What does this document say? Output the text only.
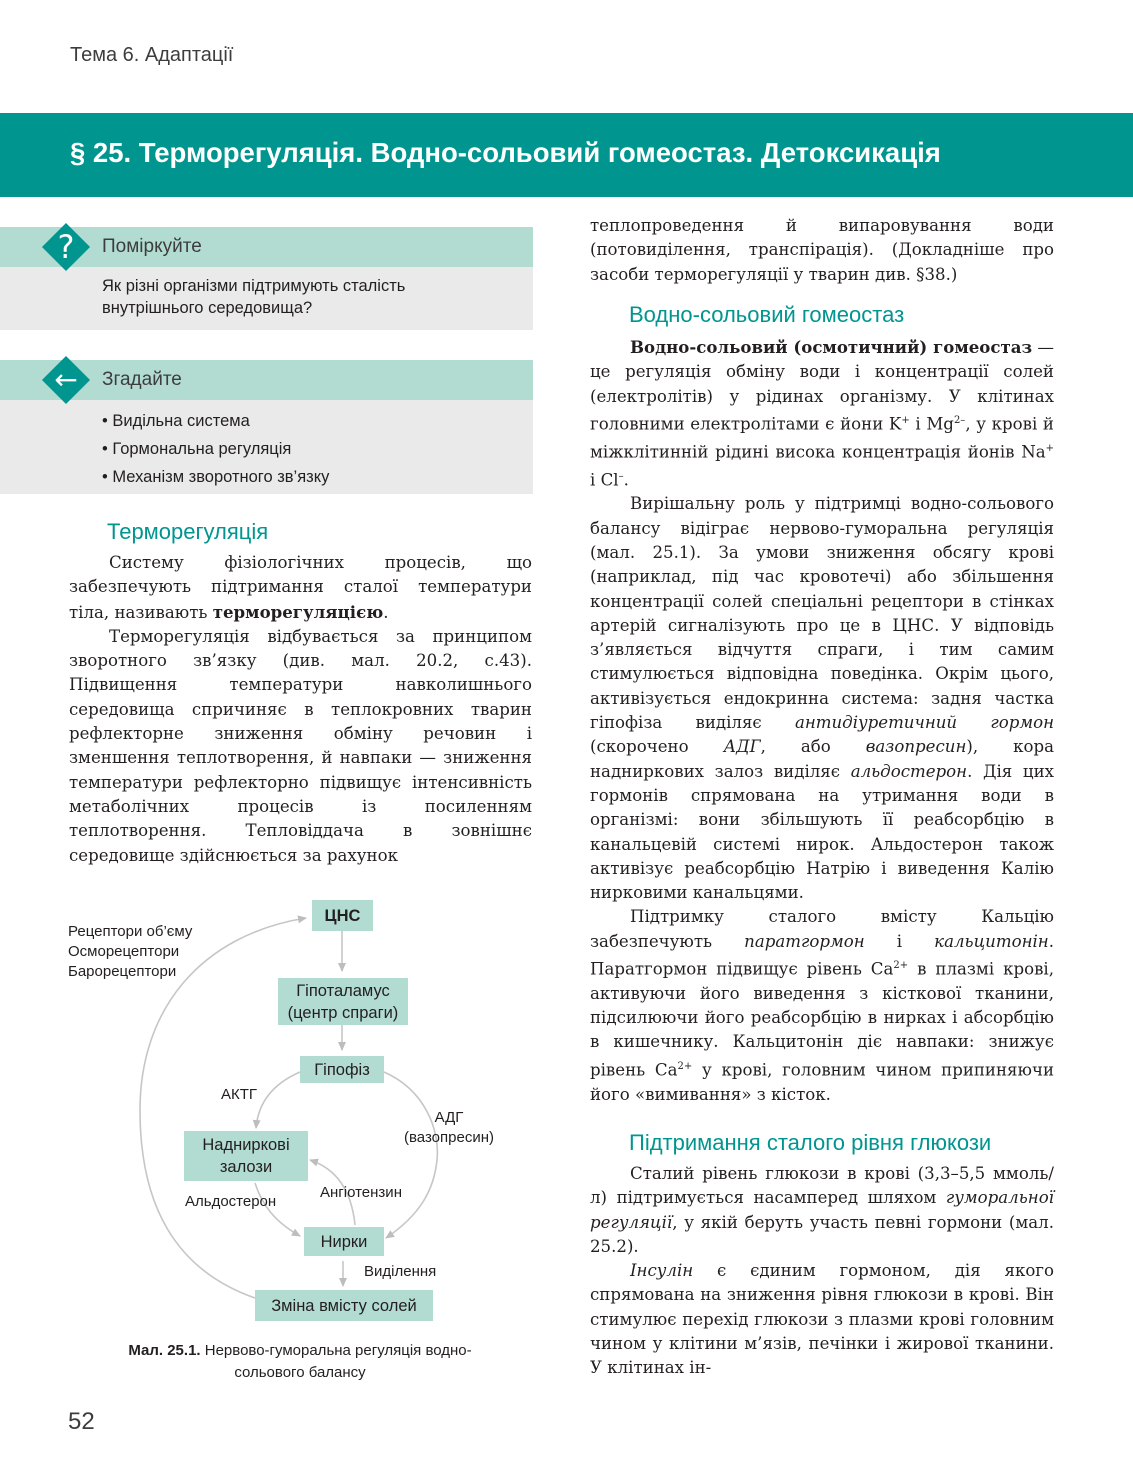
Тема 6. Адаптації
§ 25. Терморегуляція. Водно-сольовий гомеостаз. Детоксикація
?	Поміркуйте
Як різні організми підтримують сталість внутрішнього середовища?
←	Згадайте
• Видільна система
• Гормональна регуляція
• Механізм зворотного зв’язку
Терморегуляція

Систему фізіологічних процесів, що забезпечують підтримання сталої температури тіла, називають терморегуляцією.

Терморегуляція відбувається за принципом зворотного зв’язку (див. мал. 20.2, с.43). Підвищення температури навколишнього середовища спричиняє в теплокровних тварин рефлекторне зниження обміну речовин і зменшення теплотворення, й навпаки — зниження температури рефлекторно підвищує інтенсивність метаболічних процесів із посиленням теплотворення. Тепловіддача в зовнішнє середовище здійснюється за рахунок

Рецептори об’єму
Осморецептори
Барорецептори
ЦНС
Гіпоталамус
(центр спраги)
Гіпофіз
АКТГ
АДГ
(вазопресин)
Надниркові
залози
Ангіотензин
Альдостерон
Нирки
Виділення
Зміна вмісту солей
Мал. 25.1. Нервово-гуморальна регуляція водно-сольового балансу

теплопроведення й випаровування води (потовиділення, транспірація). (Докладніше про засоби терморегуляції у тварин див. §38.)

Водно-сольовий гомеостаз

Водно-сольовий (осмотичний) гомеостаз — це регуляція обміну води і концентрації солей (електролітів) у рідинах організму. У клітинах головними електролітами є йони K+ і $Mg^{2-}$, у крові й міжклітинній рідині висока концентрація йонів Na+ і Cl–.

Вирішальну роль у підтримці водно-сольового балансу відіграє нервово-гуморальна регуляція (мал. 25.1). За умови зниження обсягу крові (наприклад, під час кровотечі) або збільшення концентрації солей спеціальні рецептори в стінках артерій сигналізують про це в ЦНС. У відповідь з’являється відчуття спраги, і тим самим стимулюється відповідна поведінка. Окрім цього, активізується ендокринна система: задня частка гіпофіза виділяє антидіуретичний гормон (скорочено АДГ, або вазопресин), кора надниркових залоз виділяє альдостерон. Дія цих гормонів спрямована на утримання води в організмі: вони збільшують її реабсорбцію в канальцевій системі нирок. Альдостерон також активізує реабсорбцію Натрію і виведення Калію нирковими канальцями.

Підтримку сталого вмісту Кальцію забезпечують паратгормон і кальцитонін. Паратгормон підвищує рівень $Ca^{2+}$ в плазмі крові, активуючи його виведення з кісткової тканини, підсилюючи його реабсорбцію в нирках і абсорбцію в кишечнику. Кальцитонін діє навпаки: знижує рівень $Ca^{2+}$ у крові, головним чином припиняючи його «вимивання» з кісток.

Підтримання сталого рівня глюкози

Сталий рівень глюкози в крові (3,3–5,5 ммоль/л) підтримується насамперед шляхом гуморальної регуляції, у якій беруть участь певні гормони (мал. 25.2).

Інсулін є єдиним гормоном, дія якого спрямована на зниження рівня глюкози в крові. Він стимулює перехід глюкози з плазми крові головним чином у клітини м’язів, печінки і жирової тканини. У клітинах ін-

52
